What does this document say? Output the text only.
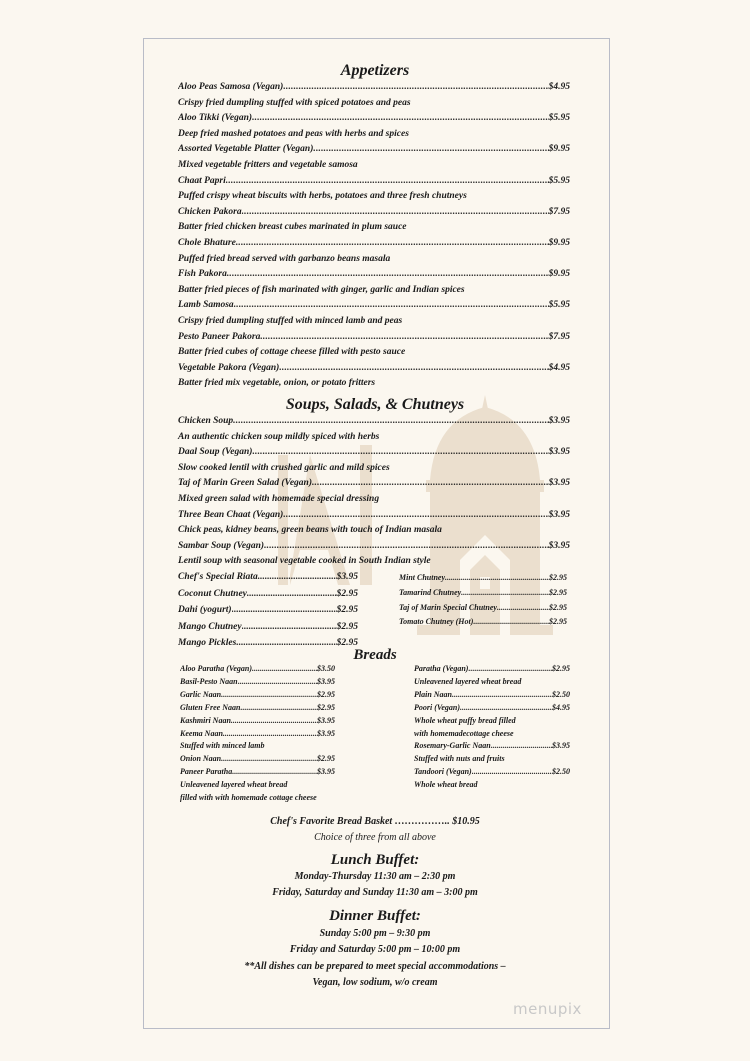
Appetizers
Aloo Peas Samosa (Vegan) .....	$4.95
Crispy fried dumpling stuffed with spiced potatoes and peas
Aloo Tikki (Vegan) .....	$5.95
Deep fried mashed potatoes and peas with herbs and spices
Assorted Vegetable Platter (Vegan) .....	$9.95
Mixed vegetable fritters and vegetable samosa
Chaat Papri .....	$5.95
Puffed crispy wheat biscuits with herbs, potatoes and three fresh chutneys
Chicken Pakora .....	$7.95
Batter fried chicken breast cubes marinated in plum sauce
Chole Bhature .....	$9.95
Puffed fried bread served with garbanzo beans masala
Fish Pakora .....	$9.95
Batter fried pieces of fish marinated with ginger, garlic and Indian spices
Lamb Samosa .....	$5.95
Crispy fried dumpling stuffed with minced lamb and peas
Pesto Paneer Pakora .....	$7.95
Batter fried cubes of cottage cheese filled with pesto sauce
Vegetable Pakora (Vegan) .....	$4.95
Batter fried mix vegetable, onion, or potato fritters
Soups, Salads, & Chutneys
Chicken Soup .....	$3.95
An authentic chicken soup mildly spiced with herbs
Daal Soup (Vegan) .....	$3.95
Slow cooked lentil with crushed garlic and mild spices
Taj of Marin Green Salad (Vegan) .....	$3.95
Mixed green salad with homemade special dressing
Three Bean Chaat (Vegan) .....	$3.95
Chick peas, kidney beans, green beans with touch of Indian masala
Sambar Soup (Vegan) .....	$3.95
Lentil soup with seasonal vegetable cooked in South Indian style
Chef's Special Riata .....	$3.95
Coconut Chutney .....	$2.95
Dahi (yogurt) .....	$2.95
Mango Chutney .....	$2.95
Mango Pickles .....	$2.95
Mint Chutney .....	$2.95
Tamarind Chutney .....	$2.95
Taj of Marin Special Chutney .....	$2.95
Tomato Chutney (Hot) .....	$2.95
Breads
Aloo Paratha (Vegan) .....	$3.50
Basil-Pesto Naan .....	$3.95
Garlic Naan .....	$2.95
Gluten Free Naan .....	$2.95
Kashmiri Naan .....	$3.95
Keema Naan .....	$3.95
Stuffed with minced lamb
Onion Naan .....	$2.95
Paneer Paratha .....	$3.95
Unleavened layered wheat bread
filled with with homemade cottage cheese
Paratha (Vegan) .....	$2.95
Unleavened layered wheat bread
Plain Naan .....	$2.50
Poori (Vegan) .....	$4.95
Whole wheat puffy bread filled
with homemadecottage cheese
Rosemary-Garlic Naan .....	$3.95
Stuffed with nuts and fruits
Tandoori (Vegan) .....	$2.50
Whole wheat bread
Chef's Favorite Bread Basket …………….. $10.95
Choice of three from all above
Lunch Buffet:
Monday-Thursday 11:30 am – 2:30 pm
Friday, Saturday and Sunday 11:30 am – 3:00 pm
Dinner Buffet:
Sunday 5:00 pm – 9:30 pm
Friday and Saturday 5:00 pm – 10:00 pm
**All dishes can be prepared to meet special accommodations –
Vegan, low sodium, w/o cream
menupix
